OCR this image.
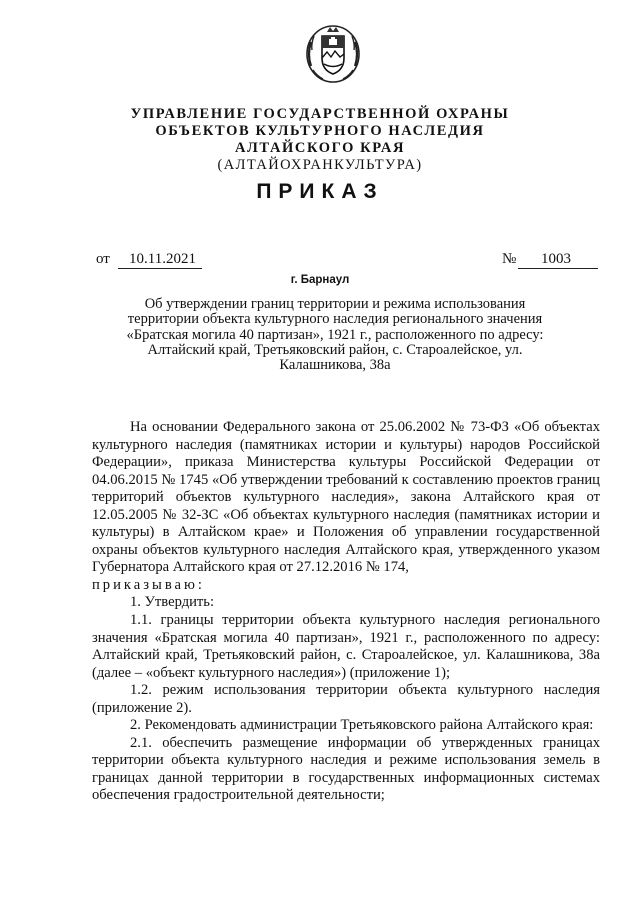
УПРАВЛЕНИЕ ГОСУДАРСТВЕННОЙ ОХРАНЫ
ОБЪЕКТОВ КУЛЬТУРНОГО НАСЛЕДИЯ
АЛТАЙСКОГО КРАЯ
(АЛТАЙОХРАНКУЛЬТУРА)
ПРИКАЗ
от 10.11.2021	№ 1003
г. Барнаул
Об утверждении границ территории и режима использования территории объекта культурного наследия регионального значения «Братская могила 40 партизан», 1921 г., расположенного по адресу: Алтайский край, Третьяковский район, с. Староалейское, ул. Калашникова, 38а

На основании Федерального закона от 25.06.2002 № 73-ФЗ «Об объектах культурного наследия (памятниках истории и культуры) народов Российской Федерации», приказа Министерства культуры Российской Федерации от 04.06.2015 № 1745 «Об утверждении требований к составлению проектов границ территорий объектов культурного наследия», закона Алтайского края от 12.05.2005 № 32-ЗС «Об объектах культурного наследия (памятниках истории и культуры) в Алтайском крае» и Положения об управлении государственной охраны объектов культурного наследия Алтайского края, утвержденного указом Губернатора Алтайского края от 27.12.2016 № 174,

приказываю:

1. Утвердить:

1.1. границы территории объекта культурного наследия регионального значения «Братская могила 40 партизан», 1921 г., расположенного по адресу: Алтайский край, Третьяковский район, с. Староалейское, ул. Калашникова, 38а (далее – «объект культурного наследия») (приложение 1);

1.2. режим использования территории объекта культурного наследия (приложение 2).

2. Рекомендовать администрации Третьяковского района Алтайского края:

2.1. обеспечить размещение информации об утвержденных границах территории объекта культурного наследия и режиме использования земель в границах данной территории в государственных информационных системах обеспечения градостроительной деятельности;
